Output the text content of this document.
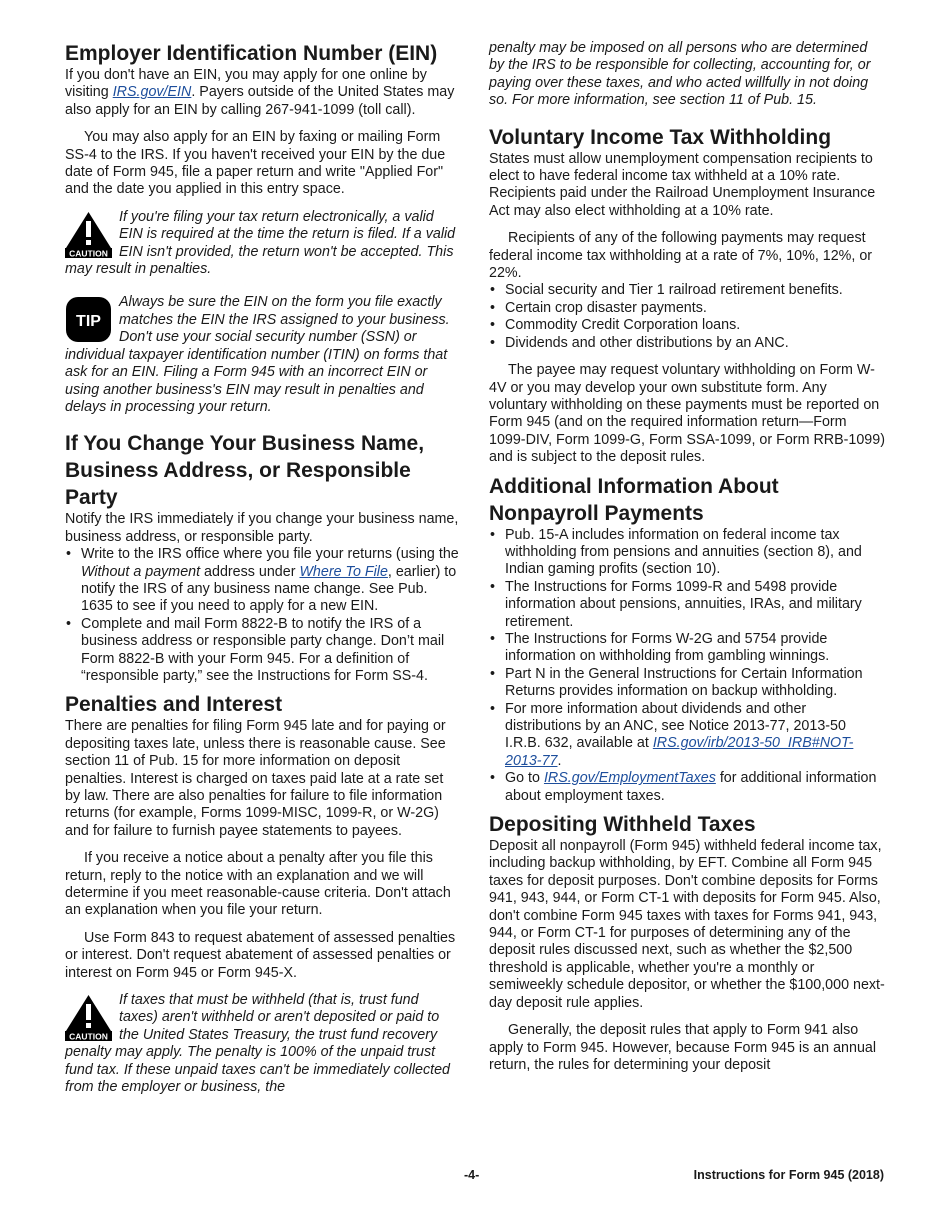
Employer Identification Number (EIN)

If you don't have an EIN, you may apply for one online by visiting IRS.gov/EIN. Payers outside of the United States may also apply for an EIN by calling 267-941-1099 (toll call).

You may also apply for an EIN by faxing or mailing Form SS-4 to the IRS. If you haven't received your EIN by the due date of Form 945, file a paper return and write "Applied For" and the date you applied in this entry space.

CAUTION
If you're filing your tax return electronically, a valid EIN is required at the time the return is filed. If a valid EIN isn't provided, the return won't be accepted. This may result in penalties.
TIP
Always be sure the EIN on the form you file exactly matches the EIN the IRS assigned to your business. Don't use your social security number (SSN) or individual taxpayer identification number (ITIN) on forms that ask for an EIN. Filing a Form 945 with an incorrect EIN or using another business's EIN may result in penalties and delays in processing your return.
If You Change Your Business Name, Business Address, or Responsible Party

Notify the IRS immediately if you change your business name, business address, or responsible party.

• Write to the IRS office where you file your returns (using the Without a payment address under Where To File, earlier) to notify the IRS of any business name change. See Pub. 1635 to see if you need to apply for a new EIN.
• Complete and mail Form 8822-B to notify the IRS of a business address or responsible party change. Don’t mail Form 8822-B with your Form 945. For a definition of “responsible party,” see the Instructions for Form SS-4.
Penalties and Interest

There are penalties for filing Form 945 late and for paying or depositing taxes late, unless there is reasonable cause. See section 11 of Pub. 15 for more information on deposit penalties. Interest is charged on taxes paid late at a rate set by law. There are also penalties for failure to file information returns (for example, Forms 1099-MISC, 1099-R, or W-2G) and for failure to furnish payee statements to payees.

If you receive a notice about a penalty after you file this return, reply to the notice with an explanation and we will determine if you meet reasonable-cause criteria. Don't attach an explanation when you file your return.

Use Form 843 to request abatement of assessed penalties or interest. Don't request abatement of assessed penalties or interest on Form 945 or Form 945-X.

CAUTION
If taxes that must be withheld (that is, trust fund taxes) aren't withheld or aren't deposited or paid to the United States Treasury, the trust fund recovery penalty may apply. The penalty is 100% of the unpaid trust fund tax. If these unpaid taxes can't be immediately collected from the employer or business, the

penalty may be imposed on all persons who are determined by the IRS to be responsible for collecting, accounting for, or paying over these taxes, and who acted willfully in not doing so. For more information, see section 11 of Pub. 15.

Voluntary Income Tax Withholding

States must allow unemployment compensation recipients to elect to have federal income tax withheld at a 10% rate. Recipients paid under the Railroad Unemployment Insurance Act may also elect withholding at a 10% rate.

Recipients of any of the following payments may request federal income tax withholding at a rate of 7%, 10%, 12%, or 22%.

• Social security and Tier 1 railroad retirement benefits.
• Certain crop disaster payments.
• Commodity Credit Corporation loans.
• Dividends and other distributions by an ANC.

The payee may request voluntary withholding on Form W-4V or you may develop your own substitute form. Any voluntary withholding on these payments must be reported on Form 945 (and on the required information return—Form 1099-DIV, Form 1099-G, Form SSA-1099, or Form RRB-1099) and is subject to the deposit rules.

Additional Information About Nonpayroll Payments
• Pub. 15-A includes information on federal income tax withholding from pensions and annuities (section 8), and Indian gaming profits (section 10).
• The Instructions for Forms 1099-R and 5498 provide information about pensions, annuities, IRAs, and military retirement.
• The Instructions for Forms W-2G and 5754 provide information on withholding from gambling winnings.
• Part N in the General Instructions for Certain Information Returns provides information on backup withholding.
• For more information about dividends and other distributions by an ANC, see Notice 2013-77, 2013-50 I.R.B. 632, available at IRS.gov/irb/2013-50_IRB#NOT-2013-77.
• Go to IRS.gov/EmploymentTaxes for additional information about employment taxes.
Depositing Withheld Taxes

Deposit all nonpayroll (Form 945) withheld federal income tax, including backup withholding, by EFT. Combine all Form 945 taxes for deposit purposes. Don't combine deposits for Forms 941, 943, 944, or Form CT-1 with deposits for Form 945. Also, don't combine Form 945 taxes with taxes for Forms 941, 943, 944, or Form CT-1 for purposes of determining any of the deposit rules discussed next, such as whether the $2,500 threshold is applicable, whether you're a monthly or semiweekly schedule depositor, or whether the $100,000 next-day deposit rule applies.

Generally, the deposit rules that apply to Form 941 also apply to Form 945. However, because Form 945 is an annual return, the rules for determining your deposit

-4-	Instructions for Form 945 (2018)
